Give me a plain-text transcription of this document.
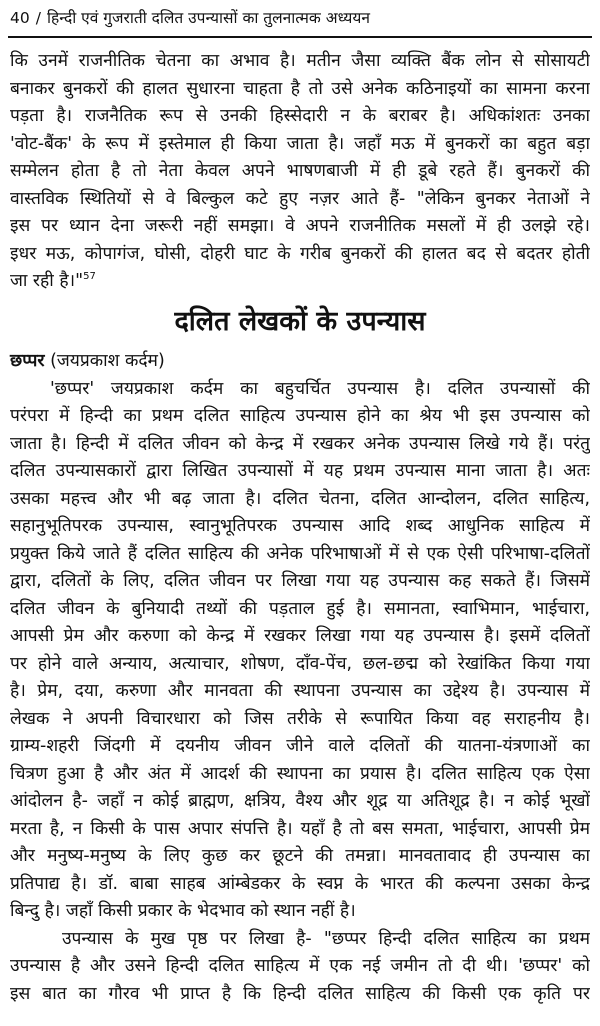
40 / हिन्दी एवं गुजराती दलित उपन्यासों का तुलनात्मक अध्ययन
कि उनमें राजनीतिक चेतना का अभाव है। मतीन जैसा व्यक्ति बैंक लोन से सोसायटी
बनाकर बुनकरों की हालत सुधारना चाहता है तो उसे अनेक कठिनाइयों का सामना करना
पड़ता है। राजनैतिक रूप से उनकी हिस्सेदारी न के बराबर है। अधिकांशतः उनका
'वोट-बैंक' के रूप में इस्तेमाल ही किया जाता है। जहाँ मऊ में बुनकरों का बहुत बड़ा
सम्मेलन होता है तो नेता केवल अपने भाषणबाजी में ही डूबे रहते हैं। बुनकरों की
वास्तविक स्थितियों से वे बिल्कुल कटे हुए नज़र आते हैं- "लेकिन बुनकर नेताओं ने
इस पर ध्यान देना जरूरी नहीं समझा। वे अपने राजनीतिक मसलों में ही उलझे रहे।
इधर मऊ, कोपागंज, घोसी, दोहरी घाट के गरीब बुनकरों की हालत बद से बदतर होती
जा रही है।"$^{57}$
दलित लेखकों के उपन्यास
छप्पर (जयप्रकाश कर्दम)
'छप्पर' जयप्रकाश कर्दम का बहुचर्चित उपन्यास है। दलित उपन्यासों की
परंपरा में हिन्दी का प्रथम दलित साहित्य उपन्यास होने का श्रेय भी इस उपन्यास को
जाता है। हिन्दी में दलित जीवन को केन्द्र में रखकर अनेक उपन्यास लिखे गये हैं। परंतु
दलित उपन्यासकारों द्वारा लिखित उपन्यासों में यह प्रथम उपन्यास माना जाता है। अतः
उसका महत्त्व और भी बढ़ जाता है। दलित चेतना, दलित आन्दोलन, दलित साहित्य,
सहानुभूतिपरक उपन्यास, स्वानुभूतिपरक उपन्यास आदि शब्द आधुनिक साहित्य में
प्रयुक्त किये जाते हैं दलित साहित्य की अनेक परिभाषाओं में से एक ऐसी परिभाषा-दलितों
द्वारा, दलितों के लिए, दलित जीवन पर लिखा गया यह उपन्यास कह सकते हैं। जिसमें
दलित जीवन के बुनियादी तथ्यों की पड़ताल हुई है। समानता, स्वाभिमान, भाईचारा,
आपसी प्रेम और करुणा को केन्द्र में रखकर लिखा गया यह उपन्यास है। इसमें दलितों
पर होने वाले अन्याय, अत्याचार, शोषण, दाँव-पेंच, छल-छद्म को रेखांकित किया गया
है। प्रेम, दया, करुणा और मानवता की स्थापना उपन्यास का उद्देश्य है। उपन्यास में
लेखक ने अपनी विचारधारा को जिस तरीके से रूपायित किया वह सराहनीय है।
ग्राम्य-शहरी जिंदगी में दयनीय जीवन जीने वाले दलितों की यातना-यंत्रणाओं का
चित्रण हुआ है और अंत में आदर्श की स्थापना का प्रयास है। दलित साहित्य एक ऐसा
आंदोलन है- जहाँ न कोई ब्राह्मण, क्षत्रिय, वैश्य और शूद्र या अतिशूद्र है। न कोई भूखों
मरता है, न किसी के पास अपार संपत्ति है। यहाँ है तो बस समता, भाईचारा, आपसी प्रेम
और मनुष्य-मनुष्य के लिए कुछ कर छूटने की तमन्ना। मानवतावाद ही उपन्यास का
प्रतिपाद्य है। डॉ. बाबा साहब आंम्बेडकर के स्वप्न के भारत की कल्पना उसका केन्द्र
बिन्दु है। जहाँ किसी प्रकार के भेदभाव को स्थान नहीं है।
उपन्यास के मुख पृष्ठ पर लिखा है- "छप्पर हिन्दी दलित साहित्य का प्रथम
उपन्यास है और उसने हिन्दी दलित साहित्य में एक नई जमीन तो दी थी। 'छप्पर' को
इस बात का गौरव भी प्राप्त है कि हिन्दी दलित साहित्य की किसी एक कृति पर
